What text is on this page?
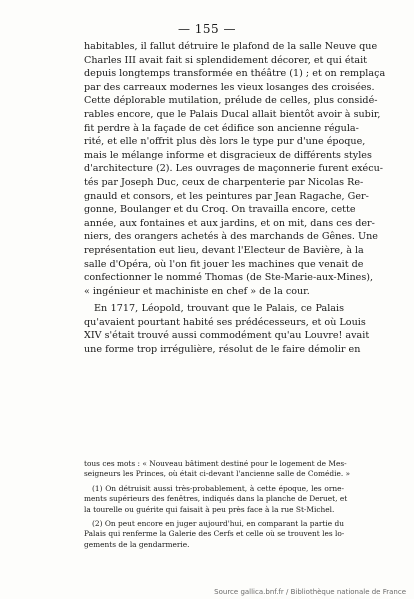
— 155 —
habitables, il fallut détruire le plafond de la salle Neuve que
Charles III avait fait si splendidement décorer, et qui était
depuis longtemps transformée en théâtre (1) ; et on remplaça
par des carreaux modernes les vieux losanges des croisées.
Cette déplorable mutilation, prélude de celles, plus considé-
rables encore, que le Palais Ducal allait bientôt avoir à subir,
fit perdre à la façade de cet édifice son ancienne régula-
rité, et elle n'offrit plus dès lors le type pur d'une époque,
mais le mélange informe et disgracieux de différents styles
d'architecture (2). Les ouvrages de maçonnerie furent exécu-
tés par Joseph Duc, ceux de charpenterie par Nicolas Re-
gnauld et consors, et les peintures par Jean Ragache, Ger-
gonne, Boulanger et du Croq. On travailla encore, cette
année, aux fontaines et aux jardins, et on mit, dans ces der-
niers, des orangers achetés à des marchands de Gênes. Une
représentation eut lieu, devant l'Electeur de Bavière, à la
salle d'Opéra, où l'on fit jouer les machines que venait de
confectionner le nommé Thomas (de Ste-Marie-aux-Mines),
« ingénieur et machiniste en chef » de la cour.
En 1717, Léopold, trouvant que le Palais, ce Palais
qu'avaient pourtant habité ses prédécesseurs, et où Louis
XIV s'était trouvé aussi commodément qu'au Louvre! avait
une forme trop irrégulière, résolut de le faire démolir en
tous ces mots : « Nouveau bâtiment destiné pour le logement de Mes-
seigneurs les Princes, où était ci-devant l'ancienne salle de Comédie. »
(1) On détruisit aussi très-probablement, à cette époque, les orne-
ments supérieurs des fenêtres, indiqués dans la planche de Deruet, et
la tourelle ou guérite qui faisait à peu près face à la rue St-Michel.
(2) On peut encore en juger aujourd'hui, en comparant la partie du
Palais qui renferme la Galerie des Cerfs et celle où se trouvent les lo-
gements de la gendarmerie.
Source gallica.bnf.fr / Bibliothèque nationale de France
